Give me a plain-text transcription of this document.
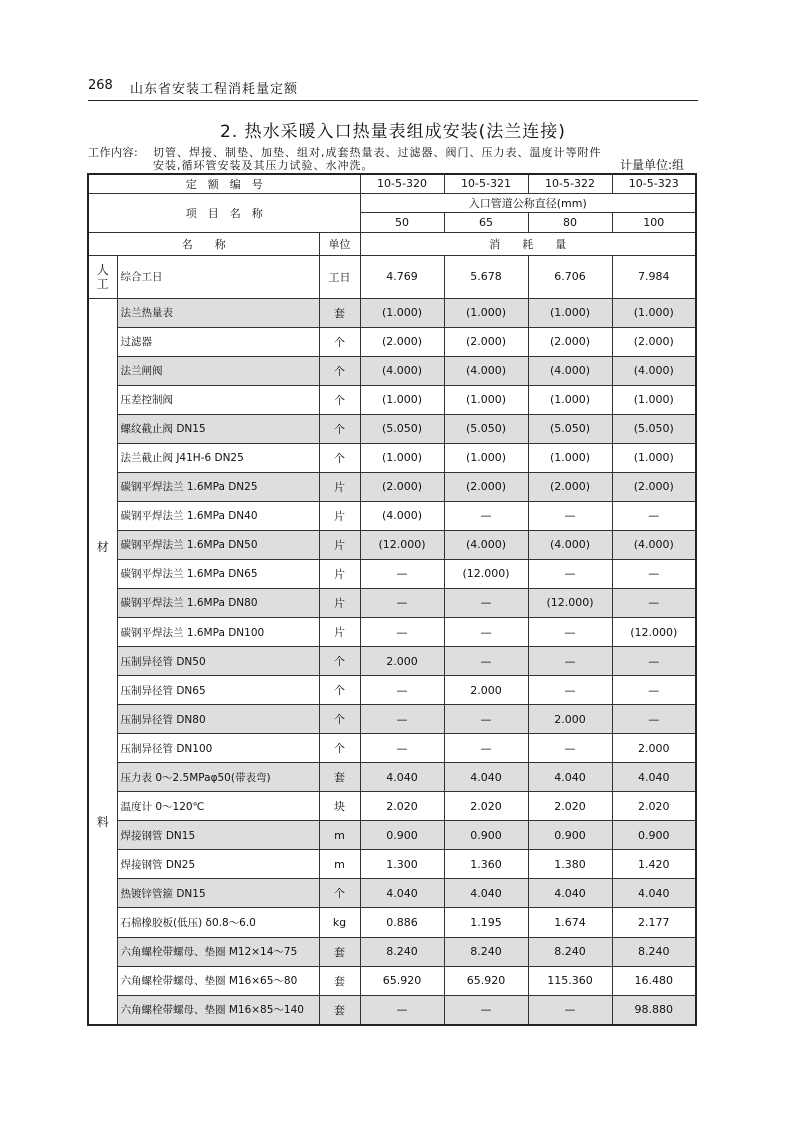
268 山东省安装工程消耗量定额
2. 热水采暖入口热量表组成安装(法兰连接)
工作内容: 切管、焊接、制垫、加垫、组对,成套热量表、过滤器、阀门、压力表、温度计等附件
安装,循环管安装及其压力试验、水冲洗。	计量单位:组
定　额　编　号			10-5-320	10-5-321	10-5-322	10-5-323
项　目　名　称			入口管道公称直径(mm)			
			50	65	80	100
名　　称		单位	消　　耗　　量			
人
工	综合工日	工日	4.769	5.678	6.706	7.984

材
料	法兰热量表	套	(1.000)	(1.000)	(1.000)	(1.000)
	过滤器	个	(2.000)	(2.000)	(2.000)	(2.000)
	法兰闸阀	个	(4.000)	(4.000)	(4.000)	(4.000)
	压差控制阀	个	(1.000)	(1.000)	(1.000)	(1.000)
	螺纹截止阀 DN15	个	(5.050)	(5.050)	(5.050)	(5.050)
	法兰截止阀 J41H-6 DN25	个	(1.000)	(1.000)	(1.000)	(1.000)
	碳钢平焊法兰 1.6MPa DN25	片	(2.000)	(2.000)	(2.000)	(2.000)
	碳钢平焊法兰 1.6MPa DN40	片	(4.000)	—	—	—
	碳钢平焊法兰 1.6MPa DN50	片	(12.000)	(4.000)	(4.000)	(4.000)
	碳钢平焊法兰 1.6MPa DN65	片	—	(12.000)	—	—
	碳钢平焊法兰 1.6MPa DN80	片	—	—	(12.000)	—
	碳钢平焊法兰 1.6MPa DN100	片	—	—	—	(12.000)
	压制异径管 DN50	个	2.000	—	—	—
	压制异径管 DN65	个	—	2.000	—	—
	压制异径管 DN80	个	—	—	2.000	—
	压制异径管 DN100	个	—	—	—	2.000
	压力表 0～2.5MPaφ50(带表弯)	套	4.040	4.040	4.040	4.040
	温度计 0～120℃	块	2.020	2.020	2.020	2.020
	焊接钢管 DN15	m	0.900	0.900	0.900	0.900
	焊接钢管 DN25	m	1.300	1.360	1.380	1.420
	热镀锌管箍 DN15	个	4.040	4.040	4.040	4.040
	石棉橡胶板(低压) δ0.8～6.0	kg	0.886	1.195	1.674	2.177
	六角螺栓带螺母、垫圈 M12×14～75	套	8.240	8.240	8.240	8.240
	六角螺栓带螺母、垫圈 M16×65～80	套	65.920	65.920	115.360	16.480
	六角螺栓带螺母、垫圈 M16×85～140	套	—	—	—	98.880
